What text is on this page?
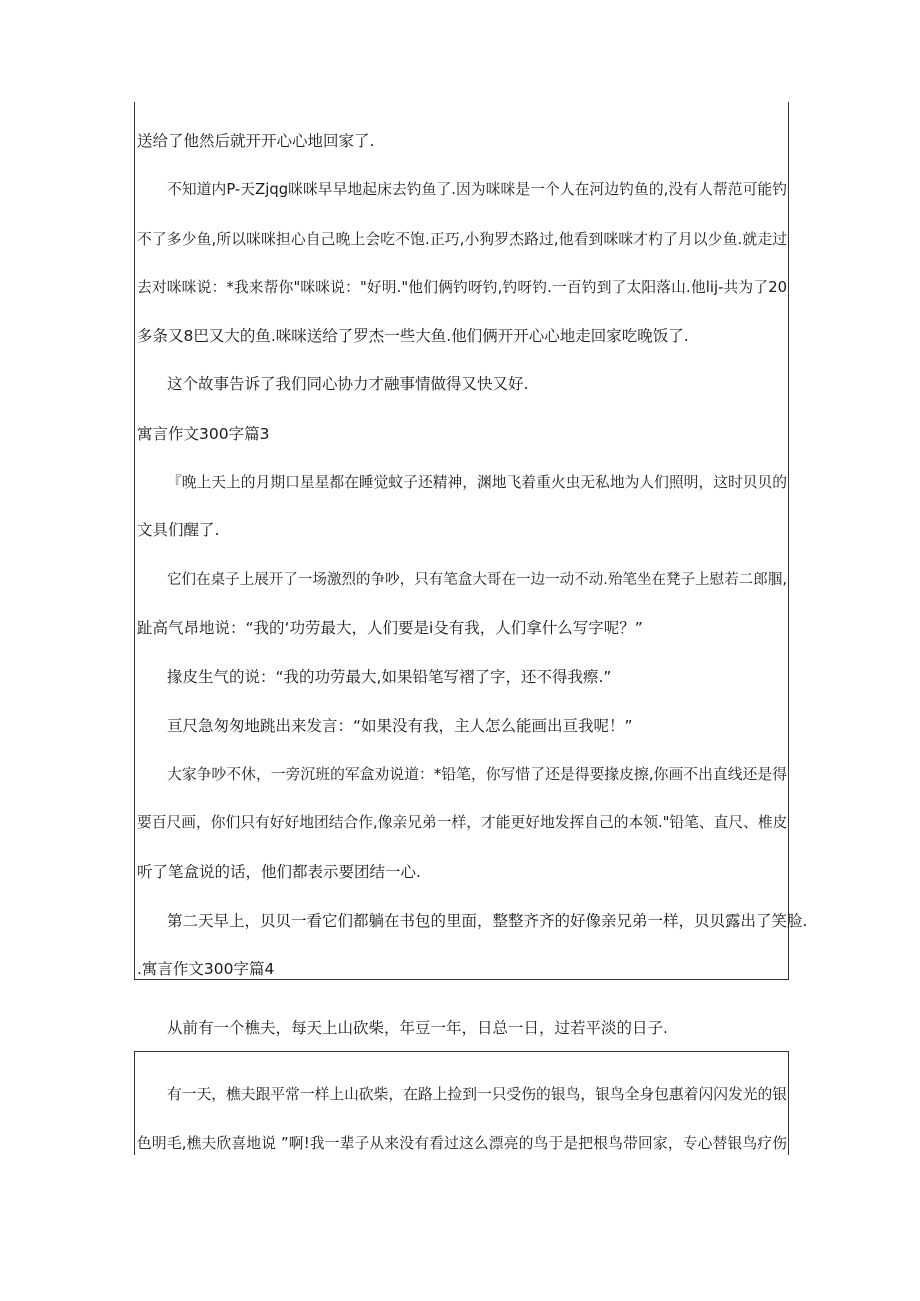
送给了他然后就开开心心地回家了.
不知道内P-天Zjqg咪咪早早地起床去钓鱼了.因为咪咪是一个人在河边钓鱼的,没有人帮范可能钓
不了多少鱼,所以咪咪担心自己晚上会吃不饱.正巧,小狗罗杰路过,他看到咪咪才杓了月以少鱼.就走过
去对咪咪说：*我来帮你"咪咪说："好明."他们俩钓呀钓,钓呀钓.一百钓到了太阳落山.他lij-共为了20
多条又8巴又大的鱼.咪咪送给了罗杰一些大鱼.他们俩开开心心地走回家吃晚饭了.
这个故事告诉了我们同心协力才融事情做得又快又好.
寓言作文300字篇3
『晚上天上的月期口星星都在睡觉蚊子还精神，渊地飞着重火虫无私地为人们照明，这时贝贝的
文具们醒了.
它们在桌子上展开了一场激烈的争吵，只有笔盒大哥在一边一动不动.殆笔坐在凳子上慰若二郎腘,
趾高气昂地说：“我的‘功劳最大，人们要是i殳有我，人们拿什么写字呢？”
掾皮生气的说：“我的功劳最大,如果铅笔写褶了字，还不得我瘵.”
亘尺急匆匆地跳出来发言：“如果没有我，主人怎么能画出亘我呢！”
大家争吵不休，一旁沉班的军盒劝说道：*铅笔，你写惜了还是得要掾皮擦,你画不出直线还是得
要百尺画，你们只有好好地团结合作,像亲兄弟一样，才能更好地发挥自己的本领."铅笔、直尺、椎皮
听了笔盒说的话，他们都表示要团结一心.
第二天早上，贝贝一看它们都躺在书包的里面，整整齐齐的好像亲兄弟一样，贝贝露出了笑脸.
.寓言作文300字篇4
从前有一个樵夫，每天上山砍柴，年豆一年，日总一日，过若平淡的日子.
有一天，樵夫跟平常一样上山砍柴，在路上捡到一只受伤的银鸟，银鸟全身包惠着闪闪发光的银
色明毛,樵夫欣喜地说 ”啊!我一辈子从来没有看过这么漂亮的鸟于是把根鸟带回家，专心替银鸟疗伤
